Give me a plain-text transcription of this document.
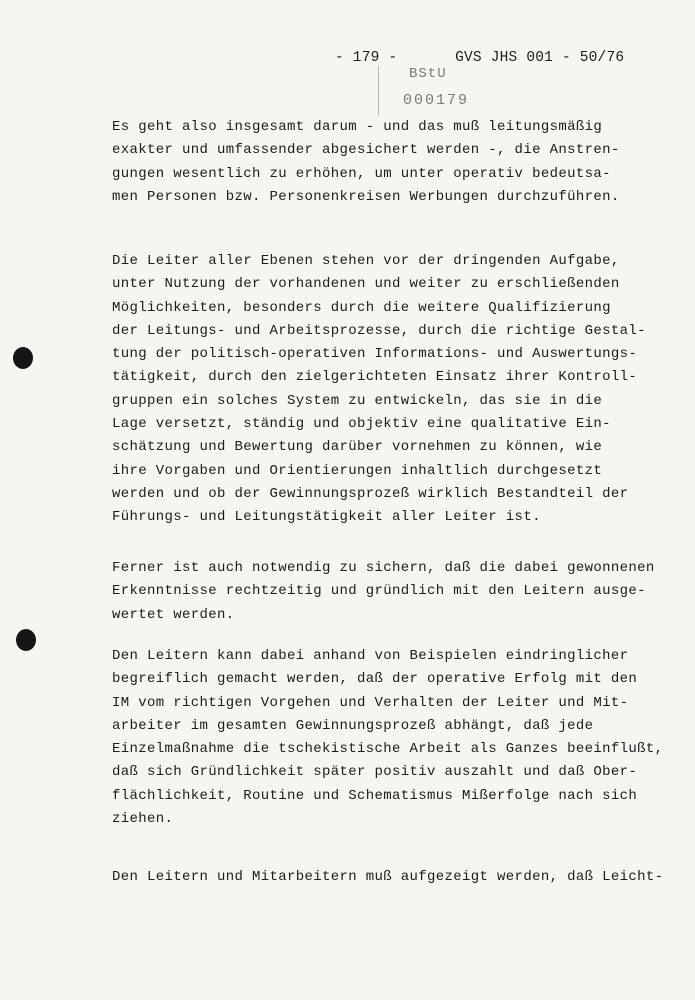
- 179 -	GVS JHS 001 - 50/76
BStU
000179

Es geht also insgesamt darum - und das muß leitungsmäßig
exakter und umfassender abgesichert werden -, die Anstren-
gungen wesentlich zu erhöhen, um unter operativ bedeutsa-
men Personen bzw. Personenkreisen Werbungen durchzuführen.

Die Leiter aller Ebenen stehen vor der dringenden Aufgabe,
unter Nutzung der vorhandenen und weiter zu erschließenden
Möglichkeiten, besonders durch die weitere Qualifizierung
der Leitungs- und Arbeitsprozesse, durch die richtige Gestal-
tung der politisch-operativen Informations- und Auswertungs-
tätigkeit, durch den zielgerichteten Einsatz ihrer Kontroll-
gruppen ein solches System zu entwickeln, das sie in die
Lage versetzt, ständig und objektiv eine qualitative Ein-
schätzung und Bewertung darüber vornehmen zu können, wie
ihre Vorgaben und Orientierungen inhaltlich durchgesetzt
werden und ob der Gewinnungsprozeß wirklich Bestandteil der
Führungs- und Leitungstätigkeit aller Leiter ist.

Ferner ist auch notwendig zu sichern, daß die dabei gewonnenen
Erkenntnisse rechtzeitig und gründlich mit den Leitern ausge-
wertet werden.

Den Leitern kann dabei anhand von Beispielen eindringlicher
begreiflich gemacht werden, daß der operative Erfolg mit den
IM vom richtigen Vorgehen und Verhalten der Leiter und Mit-
arbeiter im gesamten Gewinnungsprozeß abhängt, daß jede
Einzelmaßnahme die tschekistische Arbeit als Ganzes beeinflußt,
daß sich Gründlichkeit später positiv auszahlt und daß Ober-
flächlichkeit, Routine und Schematismus Mißerfolge nach sich
ziehen.

Den Leitern und Mitarbeitern muß aufgezeigt werden, daß Leicht-
